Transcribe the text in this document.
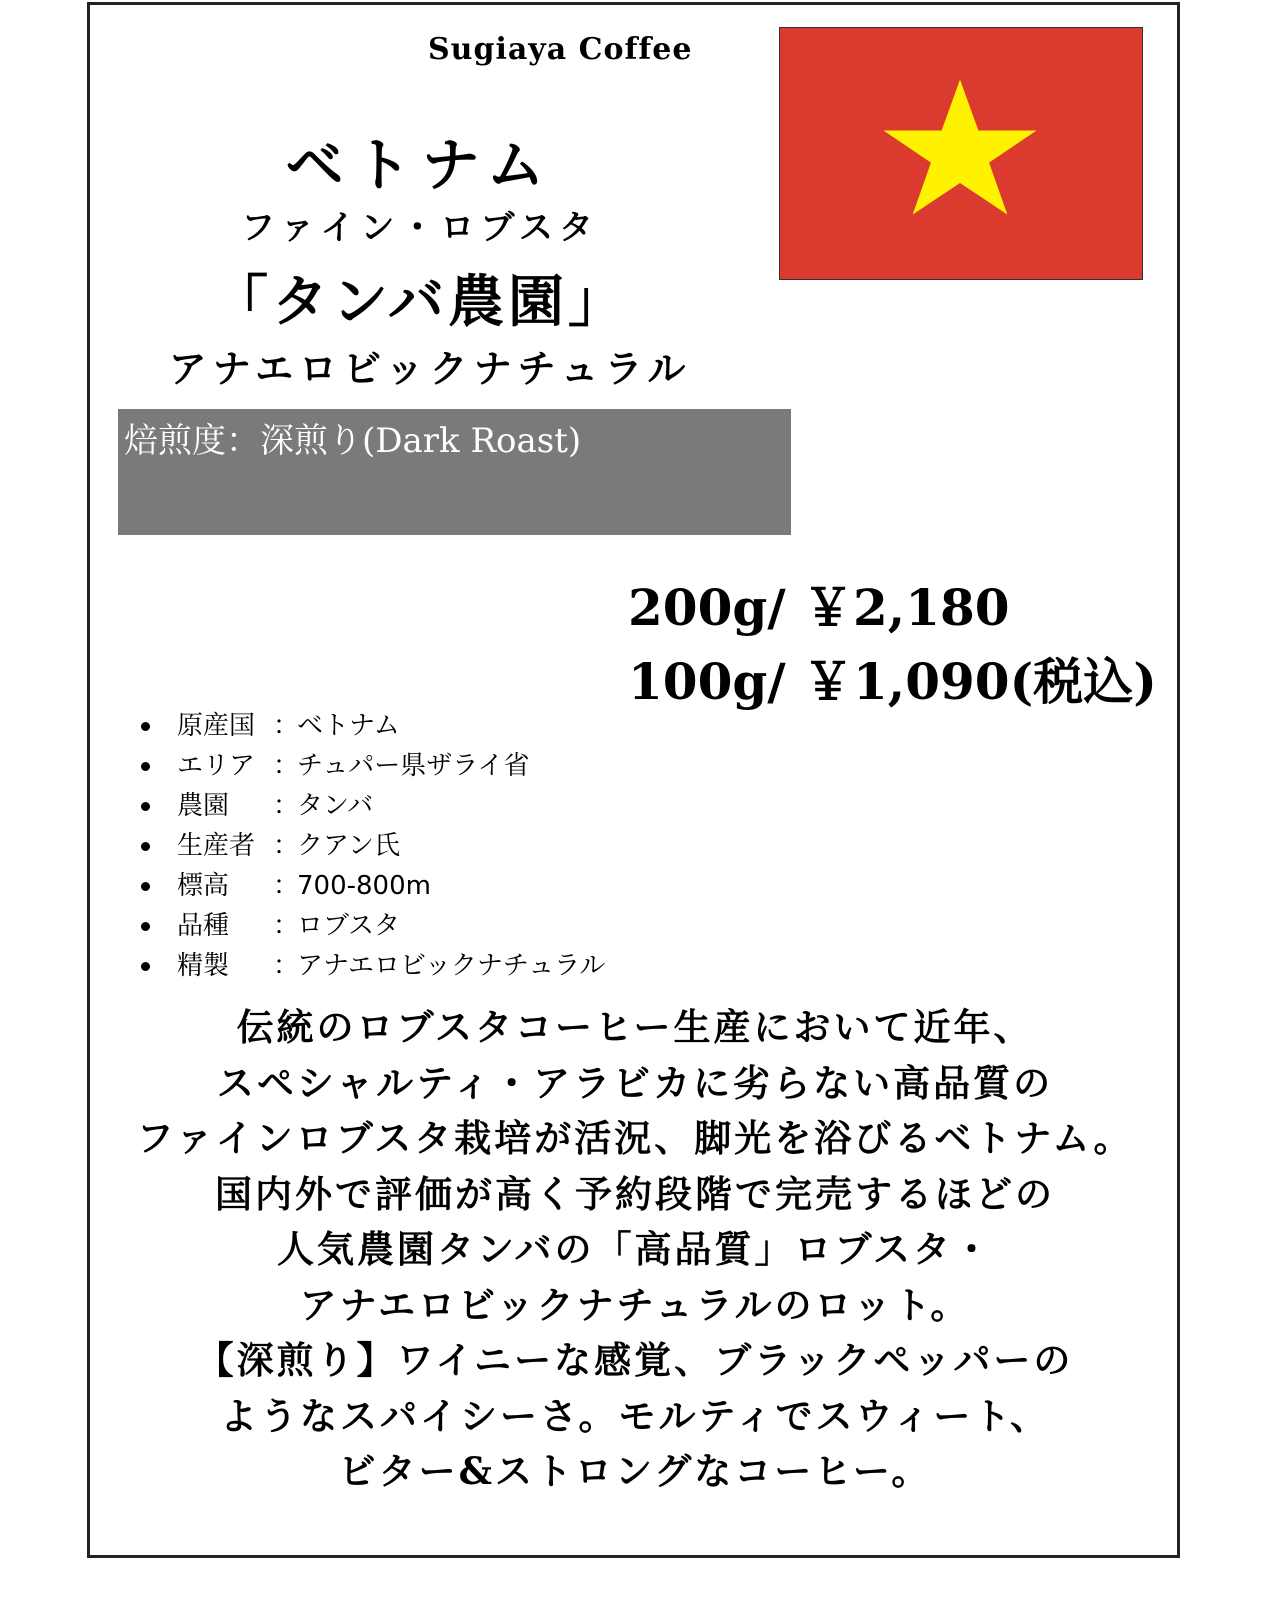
Sugiaya Coffee
ベトナム
ファイン・ロブスタ
「タンバ農園」
アナエロビックナチュラル
焙煎度：深煎り(Dark Roast)
200g/ ￥2,180
100g/ ￥1,090(税込)
原産国 ：
ベトナム
エリア ：
チュパー県ザライ省
農園	：
タンバ
生産者 ：
クアン氏
標高	：
700-800m
品種	：
ロブスタ
精製	：
アナエロビックナチュラル
伝統のロブスタコーヒー生産において近年、
スペシャルティ・アラビカに劣らない高品質の
ファインロブスタ栽培が活況、脚光を浴びるベトナム。
国内外で評価が高く予約段階で完売するほどの
人気農園タンバの「高品質」ロブスタ・
アナエロビックナチュラルのロット。
【深煎り】ワイニーな感覚、ブラックペッパーの
ようなスパイシーさ。モルティでスウィート、
ビター&ストロングなコーヒー。
